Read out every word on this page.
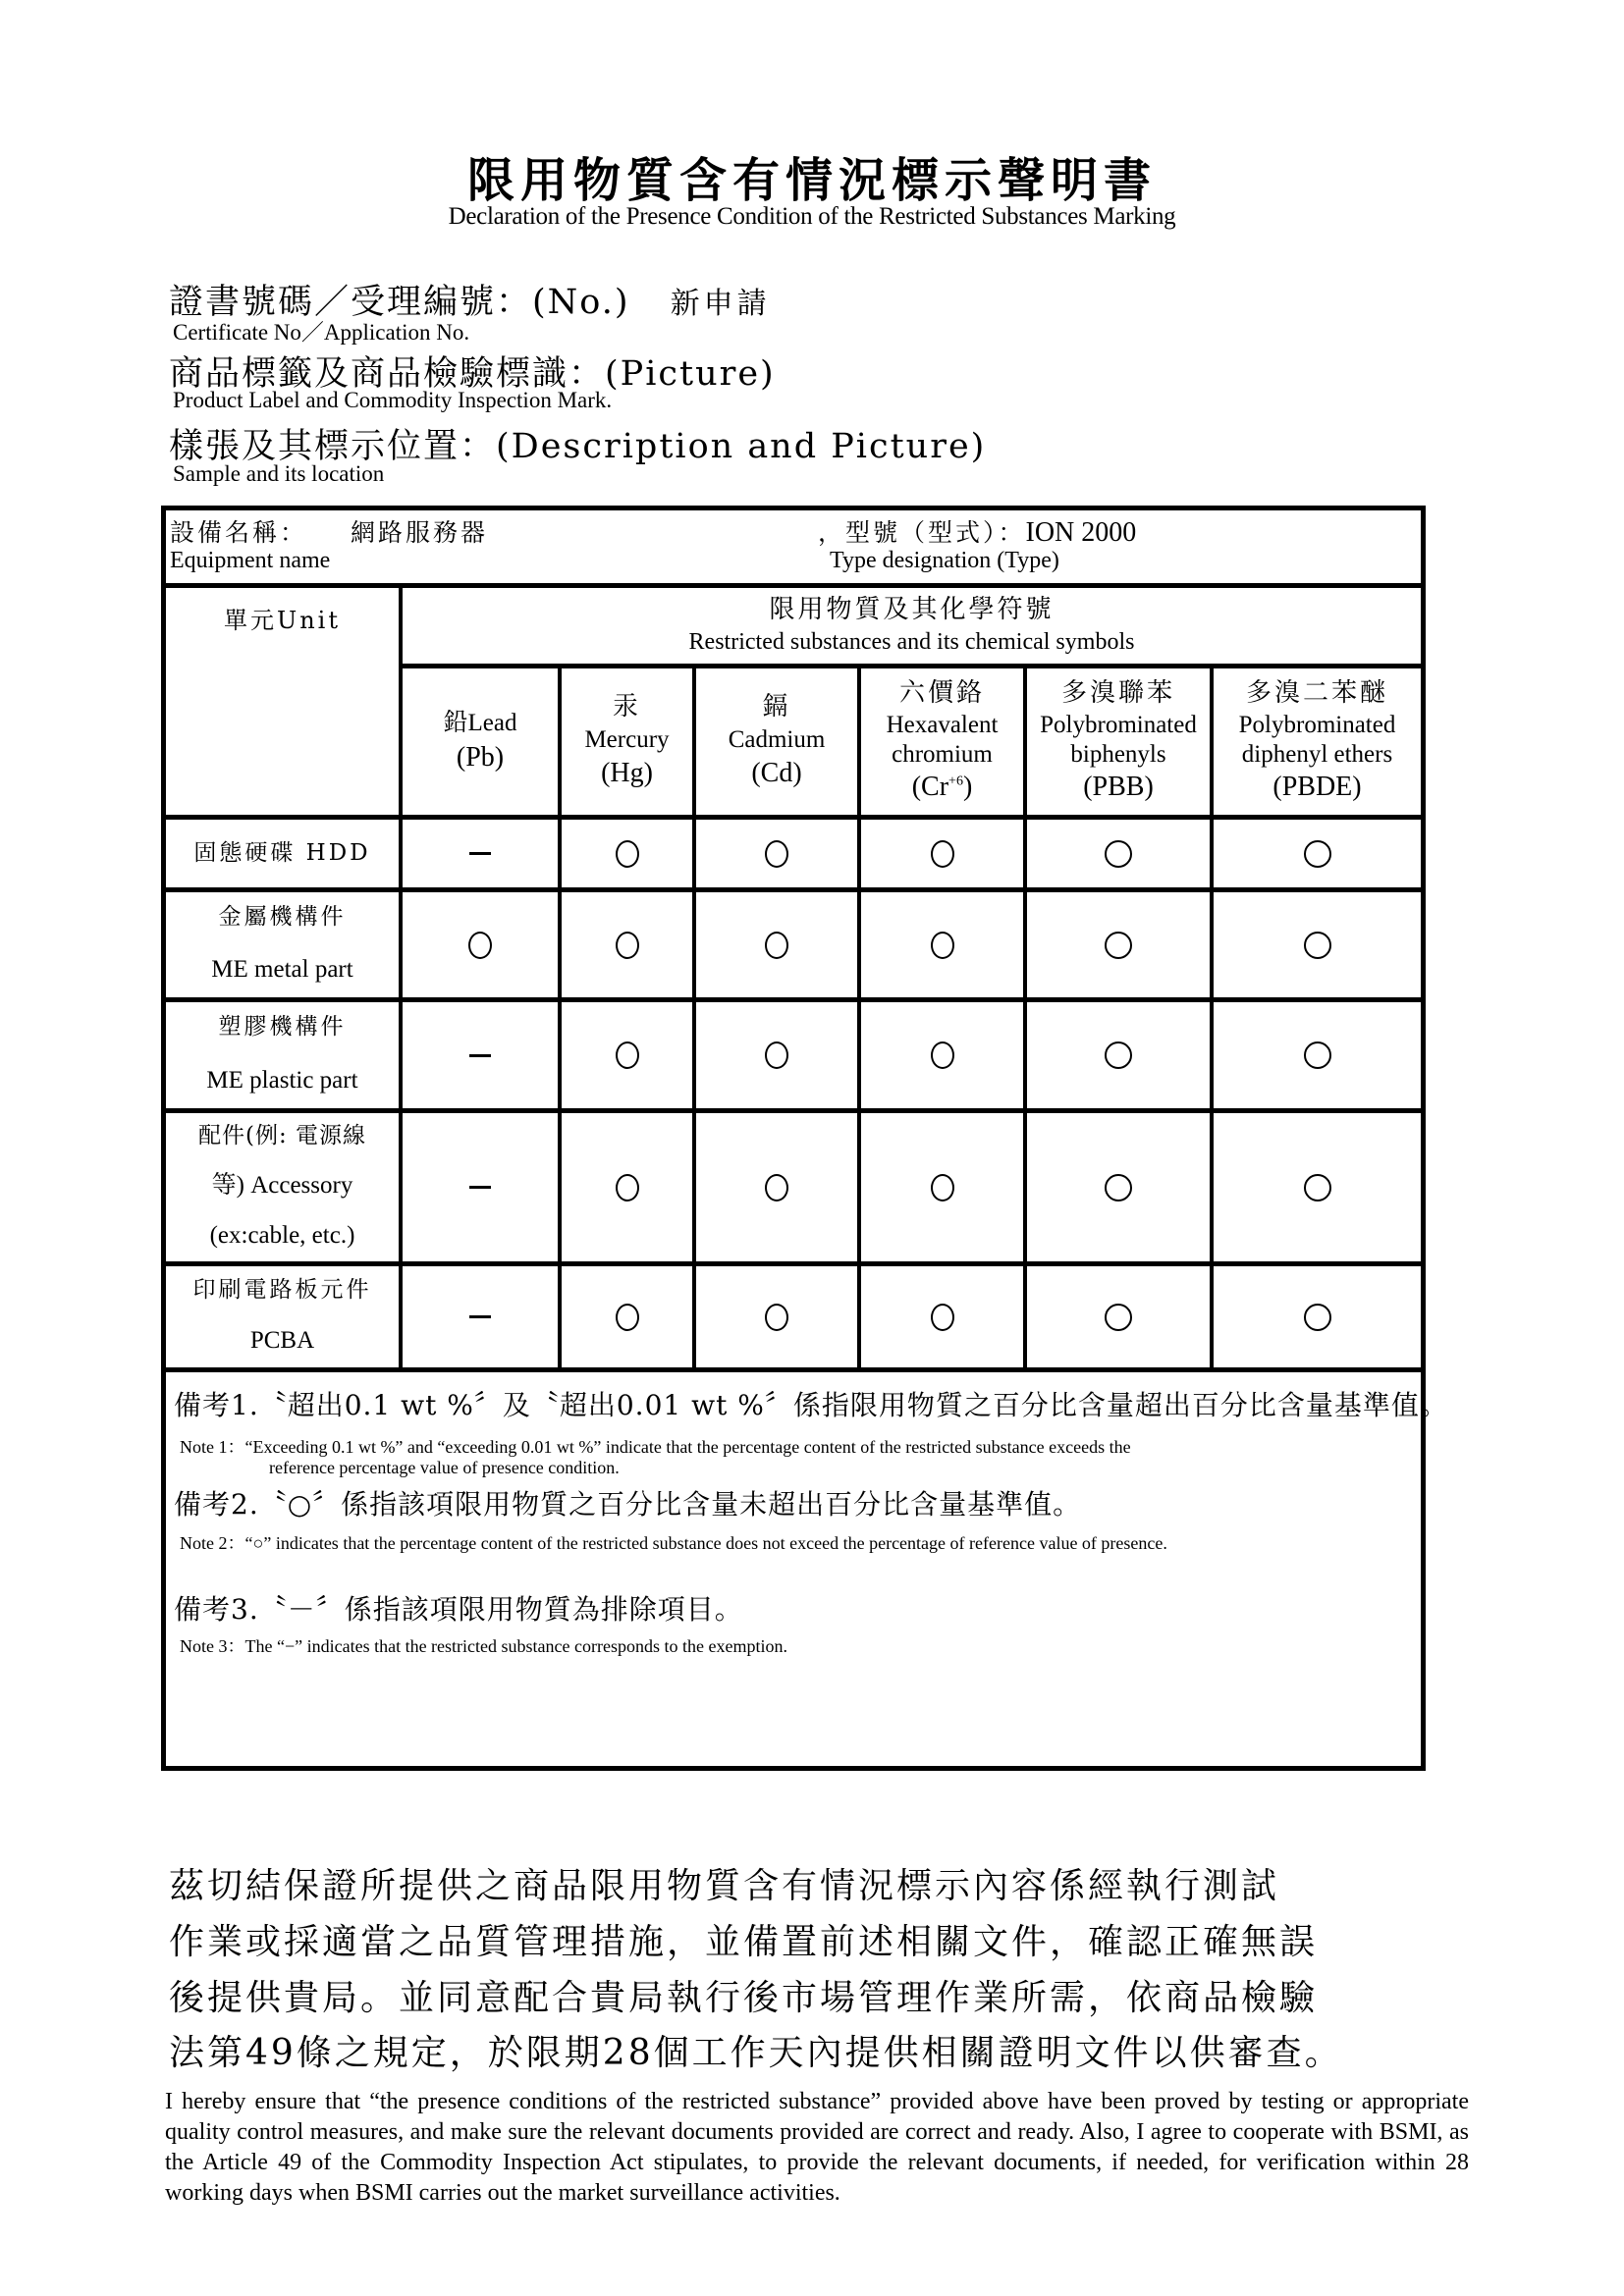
限用物質含有情況標示聲明書
Declaration of the Presence Condition of the Restricted Substances Marking
證書號碼／受理編號：(No.) 新申請
Certificate No／Application No.
商品標籤及商品檢驗標識：(Picture)
Product Label and Commodity Inspection Mark.
樣張及其標示位置：(Description and Picture)
Sample and its location
設備名稱： 網路服務器
Equipment name
，型號（型式）：ION 2000
Type designation (Type)
單元Unit	限用物質及其化學符號
Restricted substances and its chemical symbols
鉛Lead
(Pb)
汞
Mercury
(Hg)
鎘
Cadmium
(Cd)
六價鉻
Hexavalent chromium
$(Cr^{+6})$
多溴聯苯
Polybrominated biphenyls
(PBB)
多溴二苯醚
Polybrominated diphenyl ethers
(PBDE)
固態硬碟 HDD
金屬機構件
ME metal part
塑膠機構件
ME plastic part
配件(例: 電源線
等) Accessory
(ex:cable, etc.)
印刷電路板元件
PCBA
備考1.〝超出0.1 wt %〞及〝超出0.01 wt %〞係指限用物質之百分比含量超出百分比含量基準值。
Note 1：“Exceeding 0.1 wt %” and “exceeding 0.01 wt %” indicate that the percentage content of the restricted substance exceeds the
reference percentage value of presence condition.
備考2.〝○〞係指該項限用物質之百分比含量未超出百分比含量基準值。
Note 2：“○” indicates that the percentage content of the restricted substance does not exceed the percentage of reference value of presence.
備考3.〝－〞係指該項限用物質為排除項目。
Note 3：The “−” indicates that the restricted substance corresponds to the exemption.
茲切結保證所提供之商品限用物質含有情況標示內容係經執行測試
作業或採適當之品質管理措施，並備置前述相關文件，確認正確無誤
後提供貴局。並同意配合貴局執行後市場管理作業所需，依商品檢驗
法第49條之規定，於限期28個工作天內提供相關證明文件以供審查。
I hereby ensure that “the presence conditions of the restricted substance” provided above have been proved by testing or appropriate quality control measures, and make sure the relevant documents provided are correct and ready. Also, I agree to cooperate with BSMI, as the Article 49 of the Commodity Inspection Act stipulates, to provide the relevant documents, if needed, for verification within 28 working days when BSMI carries out the market surveillance activities.
